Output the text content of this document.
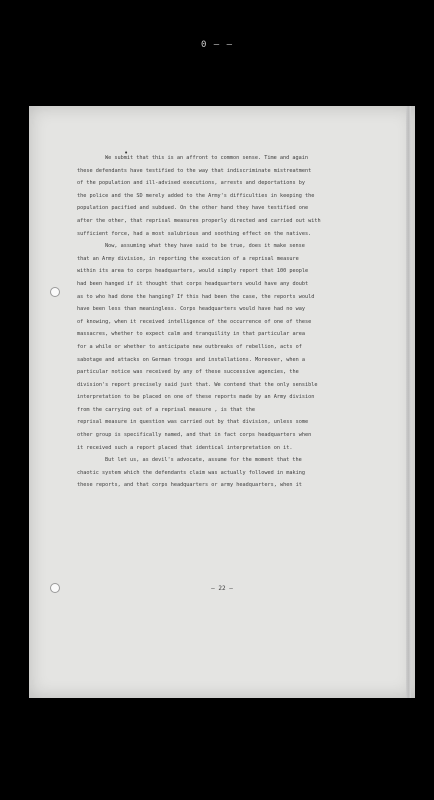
0 — —
•
We submit that this is an affront to common sense. Time and again
these defendants have testified to the way that indiscriminate mistreatment
of the population and ill-advised executions, arrests and deportations by
the police and the SD merely added to the Army's difficulties in keeping the
population pacified and subdued. On the other hand they have testified one
after the other, that reprisal measures properly directed and carried out with
sufficient force, had a most salubrious and soothing effect on the natives.
Now, assuming what they have said to be true, does it make sense
that an Army division, in reporting the execution of a reprisal measure
within its area to corps headquarters, would simply report that 100 people
had been hanged if it thought that corps headquarters would have any doubt
as to who had done the hanging? If this had been the case, the reports would
have been less than meaningless. Corps headquarters would have had no way
of knowing, when it received intelligence of the occurrence of one of these
massacres, whether to expect calm and tranquility in that particular area
for a while or whether to anticipate new outbreaks of rebellion, acts of
sabotage and attacks on German troops and installations. Moreover, when a
particular notice was received by any of these successive agencies, the
division's report precisely said just that. We contend that the only sensible
interpretation to be placed on one of these reports made by an Army division
from the carrying out of a reprisal measure , is that the
reprisal measure in question was carried out by that division, unless some
other group is specifically named, and that in fact corps headquarters when
it received such a report placed that identical interpretation on it.
But let us, as devil's advocate, assume for the moment that the
chaotic system which the defendants claim was actually followed in making
these reports, and that corps headquarters or army headquarters, when it
— 22 —
